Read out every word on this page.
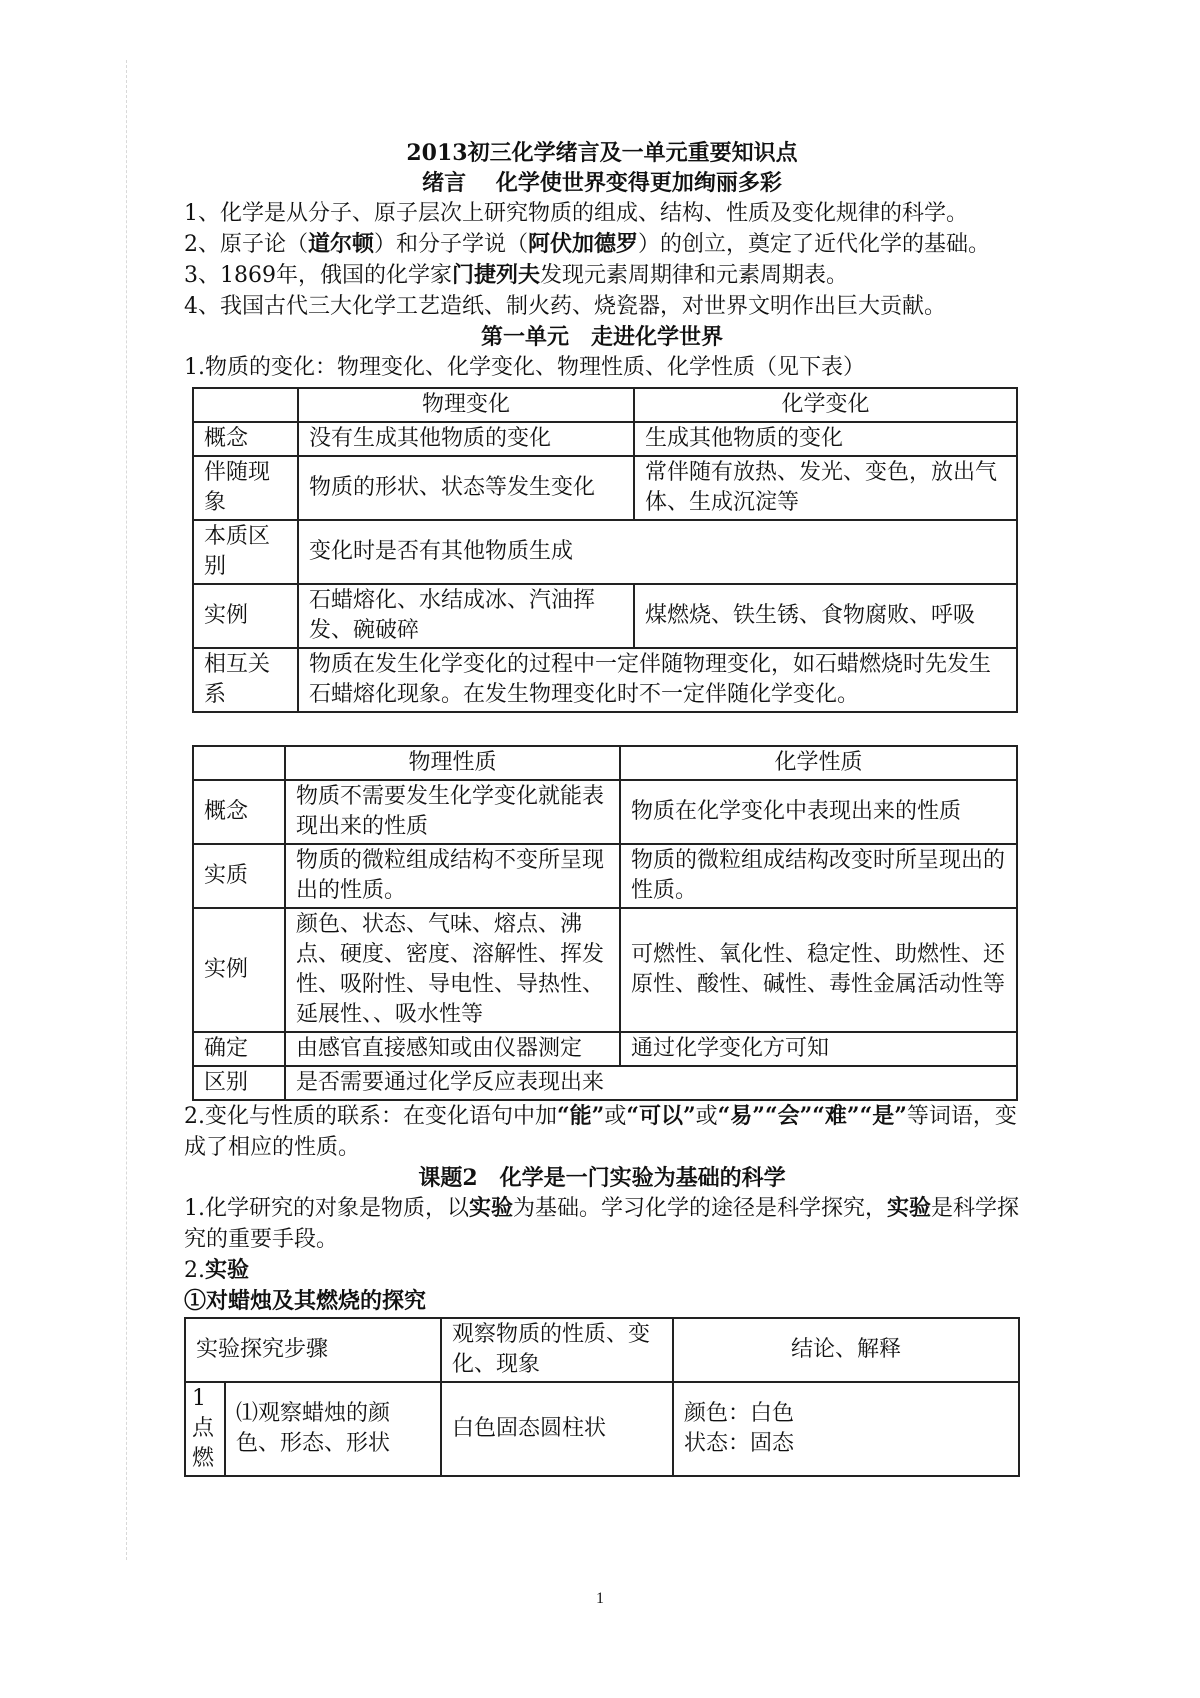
2013初三化学绪言及一单元重要知识点

绪言　 化学使世界变得更加绚丽多彩

1、化学是从分子、原子层次上研究物质的组成、结构、性质及变化规律的科学。

2、原子论（道尔顿）和分子学说（阿伏加德罗）的创立，奠定了近代化学的基础。

3、1869年，俄国的化学家门捷列夫发现元素周期律和元素周期表。

4、我国古代三大化学工艺造纸、制火药、烧瓷器，对世界文明作出巨大贡献。

第一单元　走进化学世界

1.物质的变化：物理变化、化学变化、物理性质、化学性质（见下表）

	物理变化	化学变化
概念	没有生成其他物质的变化	生成其他物质的变化
伴随现象	物质的形状、状态等发生变化	常伴随有放热、发光、变色，放出气体、生成沉淀等
本质区别	变化时是否有其他物质生成	
实例	石蜡熔化、水结成冰、汽油挥发、碗破碎	煤燃烧、铁生锈、食物腐败、呼吸
相互关系	物质在发生化学变化的过程中一定伴随物理变化，如石蜡燃烧时先发生石蜡熔化现象。在发生物理变化时不一定伴随化学变化。	
	物理性质	化学性质
概念	物质不需要发生化学变化就能表现出来的性质	物质在化学变化中表现出来的性质
实质	物质的微粒组成结构不变所呈现出的性质。	物质的微粒组成结构改变时所呈现出的性质。
实例	颜色、状态、气味、熔点、沸点、硬度、密度、溶解性、挥发性、吸附性、导电性、导热性、延展性、、吸水性等	可燃性、氧化性、稳定性、助燃性、还原性、酸性、碱性、毒性金属活动性等
确定	由感官直接感知或由仪器测定	通过化学变化方可知
区别	是否需要通过化学反应表现出来	

2.变化与性质的联系：在变化语句中加“能”或“可以”或“易”“会”“难”“是”等词语，变成了相应的性质。

课题2　化学是一门实验为基础的科学

1.化学研究的对象是物质，以实验为基础。学习化学的途径是科学探究，实验是科学探究的重要手段。

2.实验

①对蜡烛及其燃烧的探究

实验探究步骤		观察物质的性质、变化、现象	结论、解释
1点燃	⑴观察蜡烛的颜色、形态、形状	白色固态圆柱状	颜色：白色
状态：固态
1
